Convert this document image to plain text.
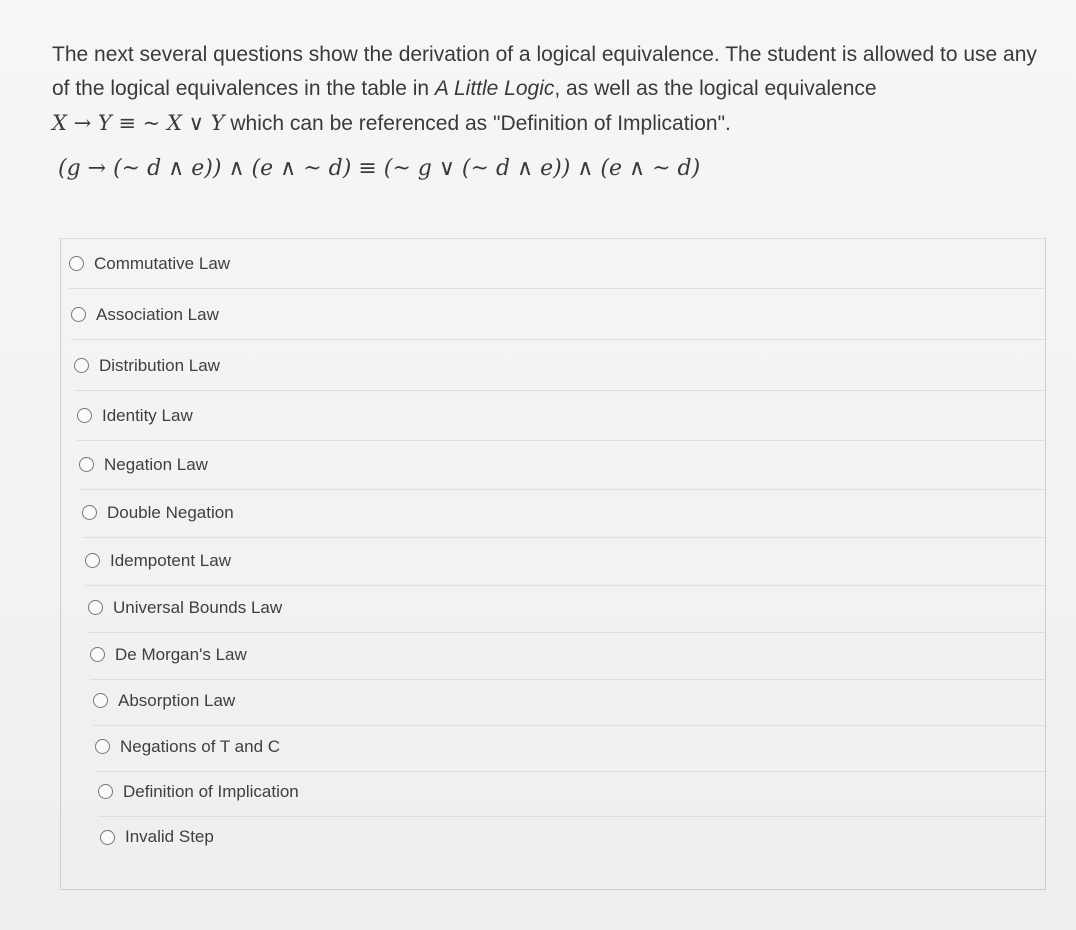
The next several questions show the derivation of a logical equivalence. The student is allowed to use any
of the logical equivalences in the table in A Little Logic, as well as the logical equivalence
X → Y ≡ ~ X ∨ Y which can be referenced as "Definition of Implication".
(g → (~ d ∧ e)) ∧ (e ∧ ~ d) ≡ (~ g ∨ (~ d ∧ e)) ∧ (e ∧ ~ d)
Commutative Law
Association Law
Distribution Law
Identity Law
Negation Law
Double Negation
Idempotent Law
Universal Bounds Law
De Morgan's Law
Absorption Law
Negations of T and C
Definition of Implication
Invalid Step
